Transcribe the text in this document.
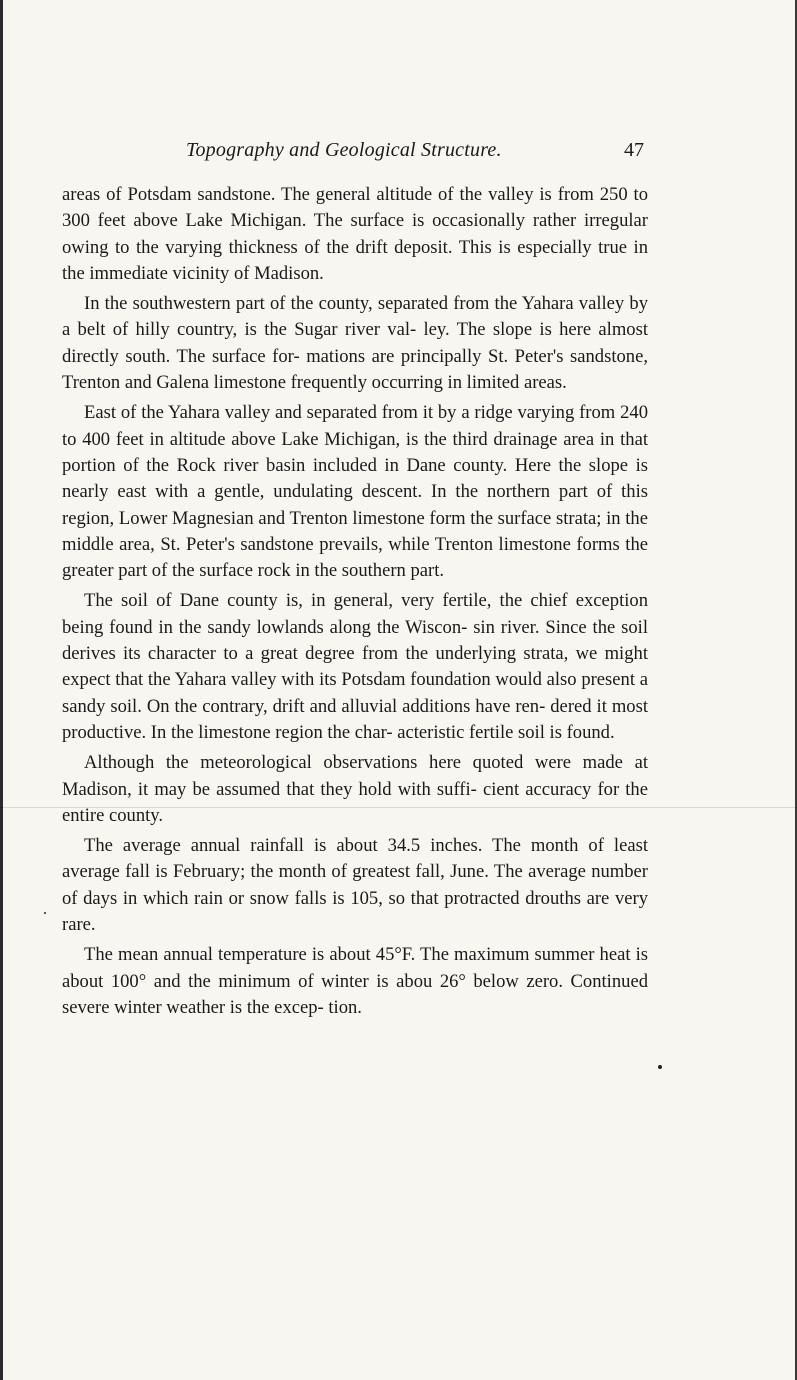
Topography and Geological Structure.	47

areas of Potsdam sandstone. The general altitude of the valley is from 250 to 300 feet above Lake Michigan. The surface is occasionally rather irregular owing to the varying thickness of the drift deposit. This is especially true in the immediate vicinity of Madison.

In the southwestern part of the county, separated from the Yahara valley by a belt of hilly country, is the Sugar river val- ley. The slope is here almost directly south. The surface for- mations are principally St. Peter's sandstone, Trenton and Galena limestone frequently occurring in limited areas.

East of the Yahara valley and separated from it by a ridge varying from 240 to 400 feet in altitude above Lake Michigan, is the third drainage area in that portion of the Rock river basin included in Dane county. Here the slope is nearly east with a gentle, undulating descent. In the northern part of this region, Lower Magnesian and Trenton limestone form the surface strata; in the middle area, St. Peter's sandstone prevails, while Trenton limestone forms the greater part of the surface rock in the southern part.

The soil of Dane county is, in general, very fertile, the chief exception being found in the sandy lowlands along the Wiscon- sin river. Since the soil derives its character to a great degree from the underlying strata, we might expect that the Yahara valley with its Potsdam foundation would also present a sandy soil. On the contrary, drift and alluvial additions have ren- dered it most productive. In the limestone region the char- acteristic fertile soil is found.

Although the meteorological observations here quoted were made at Madison, it may be assumed that they hold with suffi- cient accuracy for the entire county.

The average annual rainfall is about 34.5 inches. The month of least average fall is February; the month of greatest fall, June. The average number of days in which rain or snow falls is 105, so that protracted drouths are very rare.

The mean annual temperature is about 45°F. The maximum summer heat is about 100° and the minimum of winter is abou 26° below zero. Continued severe winter weather is the excep- tion.
